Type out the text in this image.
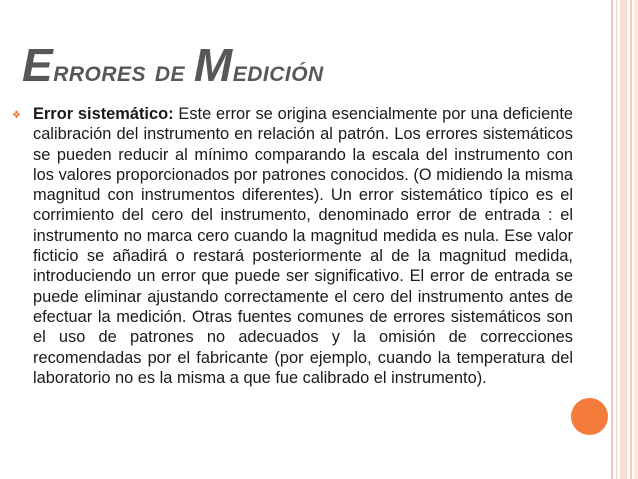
Errores de Medición
❖ Error sistemático: Este error se origina esencialmente por una deficiente calibración del instrumento en relación al patrón. Los errores sistemáticos se pueden reducir al mínimo comparando la escala del instrumento con los valores proporcionados por patrones conocidos. (O midiendo la misma magnitud con instrumentos diferentes). Un error sistemático típico es el corrimiento del cero del instrumento, denominado error de entrada : el instrumento no marca cero cuando la magnitud medida es nula. Ese valor ficticio se añadirá o restará posteriormente al de la magnitud medida, introduciendo un error que puede ser significativo. El error de entrada se puede eliminar ajustando correctamente el cero del instrumento antes de efectuar la medición. Otras fuentes comunes de errores sistemáticos son el uso de patrones no adecuados y la omisión de correcciones recomendadas por el fabricante (por ejemplo, cuando la temperatura del laboratorio no es la misma a que fue calibrado el instrumento).
